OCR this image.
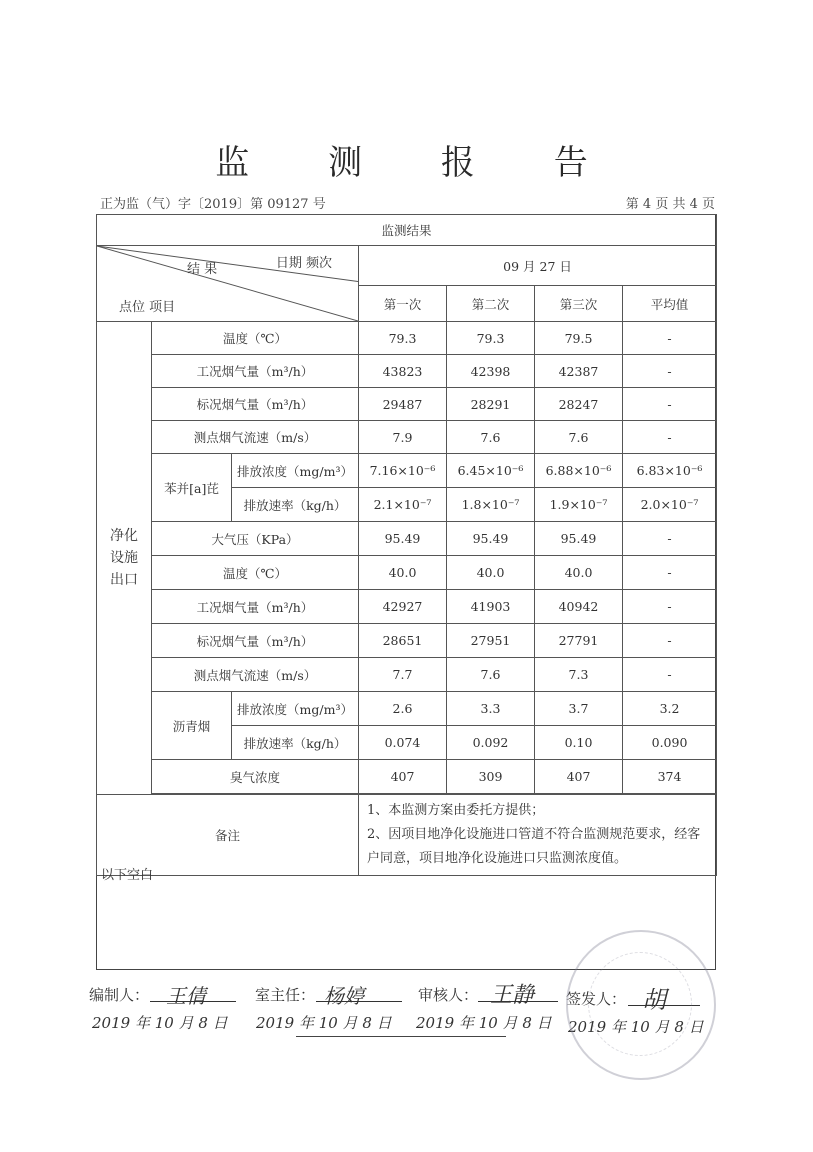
监 测 报 告
正为监（气）字〔2019〕第 09127 号	第 4 页 共 4 页
监测结果						

日期 频次
结 果
点位 项目			09 月 27 日			
			第一次	第二次	第三次	平均值

净化设施出口	温度（℃）		79.3	79.3	79.5	-
	工况烟气量（m³/h）		43823	42398	42387	-
	标况烟气量（m³/h）		29487	28291	28247	-
	测点烟气流速（m/s）		7.9	7.6	7.6	-
	苯并[a]芘	排放浓度（mg/m³）	7.16×10⁻⁶	6.45×10⁻⁶	6.88×10⁻⁶	6.83×10⁻⁶
		排放速率（kg/h）	2.1×10⁻⁷	1.8×10⁻⁷	1.9×10⁻⁷	2.0×10⁻⁷
	大气压（KPa）		95.49	95.49	95.49	-
	温度（℃）		40.0	40.0	40.0	-
	工况烟气量（m³/h）		42927	41903	40942	-
	标况烟气量（m³/h）		28651	27951	27791	-
	测点烟气流速（m/s）		7.7	7.6	7.3	-
	沥青烟	排放浓度（mg/m³）	2.6	3.3	3.7	3.2
		排放速率（kg/h）	0.074	0.092	0.10	0.090
	臭气浓度		407	309	407	374

备注			1、本监测方案由委托方提供；
2、因项目地净化设施进口管道不符合监测规范要求，经客户同意，项目地净化设施进口只监测浓度值。			
以下空白
编制人： 王倩	室主任： 杨婷	审核人： 王静 签发人： 胡
2019 年 10 月 8 日 2019 年 10 月 8 日 2019 年 10 月 8 日 2019 年 10 月 8 日
